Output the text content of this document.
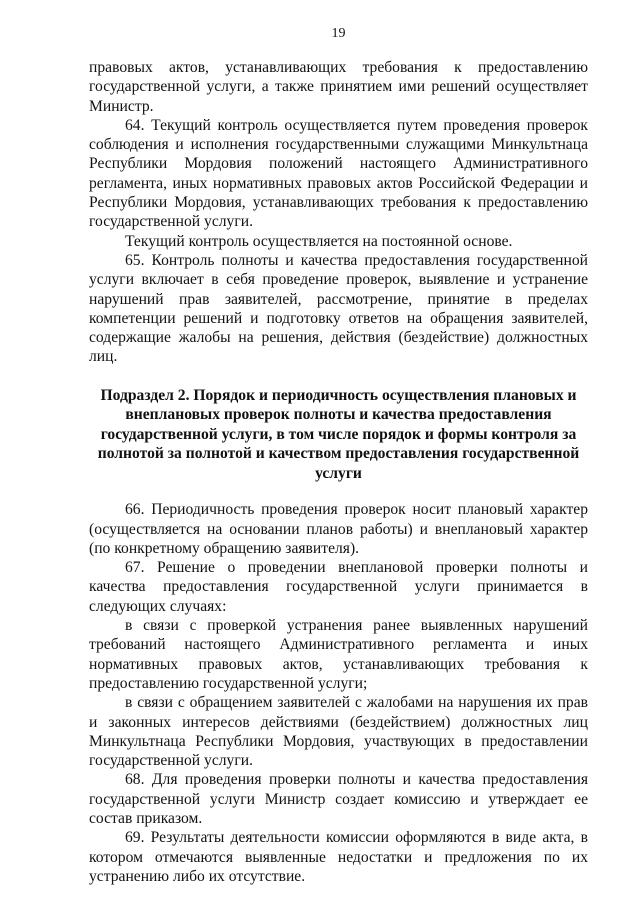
19

правовых актов, устанавливающих требования к предоставлению государственной услуги, а также принятием ими решений осуществляет Министр.

64. Текущий контроль осуществляется путем проведения проверок соблюдения и исполнения государственными служащими Минкультнаца Республики Мордовия положений настоящего Административного регламента, иных нормативных правовых актов Российской Федерации и Республики Мордовия, устанавливающих требования к предоставлению государственной услуги.

Текущий контроль осуществляется на постоянной основе.

65. Контроль полноты и качества предоставления государственной услуги включает в себя проведение проверок, выявление и устранение нарушений прав заявителей, рассмотрение, принятие в пределах компетенции решений и подготовку ответов на обращения заявителей, содержащие жалобы на решения, действия (бездействие) должностных лиц.

Подраздел 2. Порядок и периодичность осуществления плановых и внеплановых проверок полноты и качества предоставления государственной услуги, в том числе порядок и формы контроля за полнотой за полнотой и качеством предоставления государственной услуги

66. Периодичность проведения проверок носит плановый характер (осуществляется на основании планов работы) и внеплановый характер (по конкретному обращению заявителя).

67. Решение о проведении внеплановой проверки полноты и качества предоставления государственной услуги принимается в следующих случаях:

в связи с проверкой устранения ранее выявленных нарушений требований настоящего Административного регламента и иных нормативных правовых актов, устанавливающих требования к предоставлению государственной услуги;

в связи с обращением заявителей с жалобами на нарушения их прав и законных интересов действиями (бездействием) должностных лиц Минкультнаца Республики Мордовия, участвующих в предоставлении государственной услуги.

68. Для проведения проверки полноты и качества предоставления государственной услуги Министр создает комиссию и утверждает ее состав приказом.

69. Результаты деятельности комиссии оформляются в виде акта, в котором отмечаются выявленные недостатки и предложения по их устранению либо их отсутствие.
